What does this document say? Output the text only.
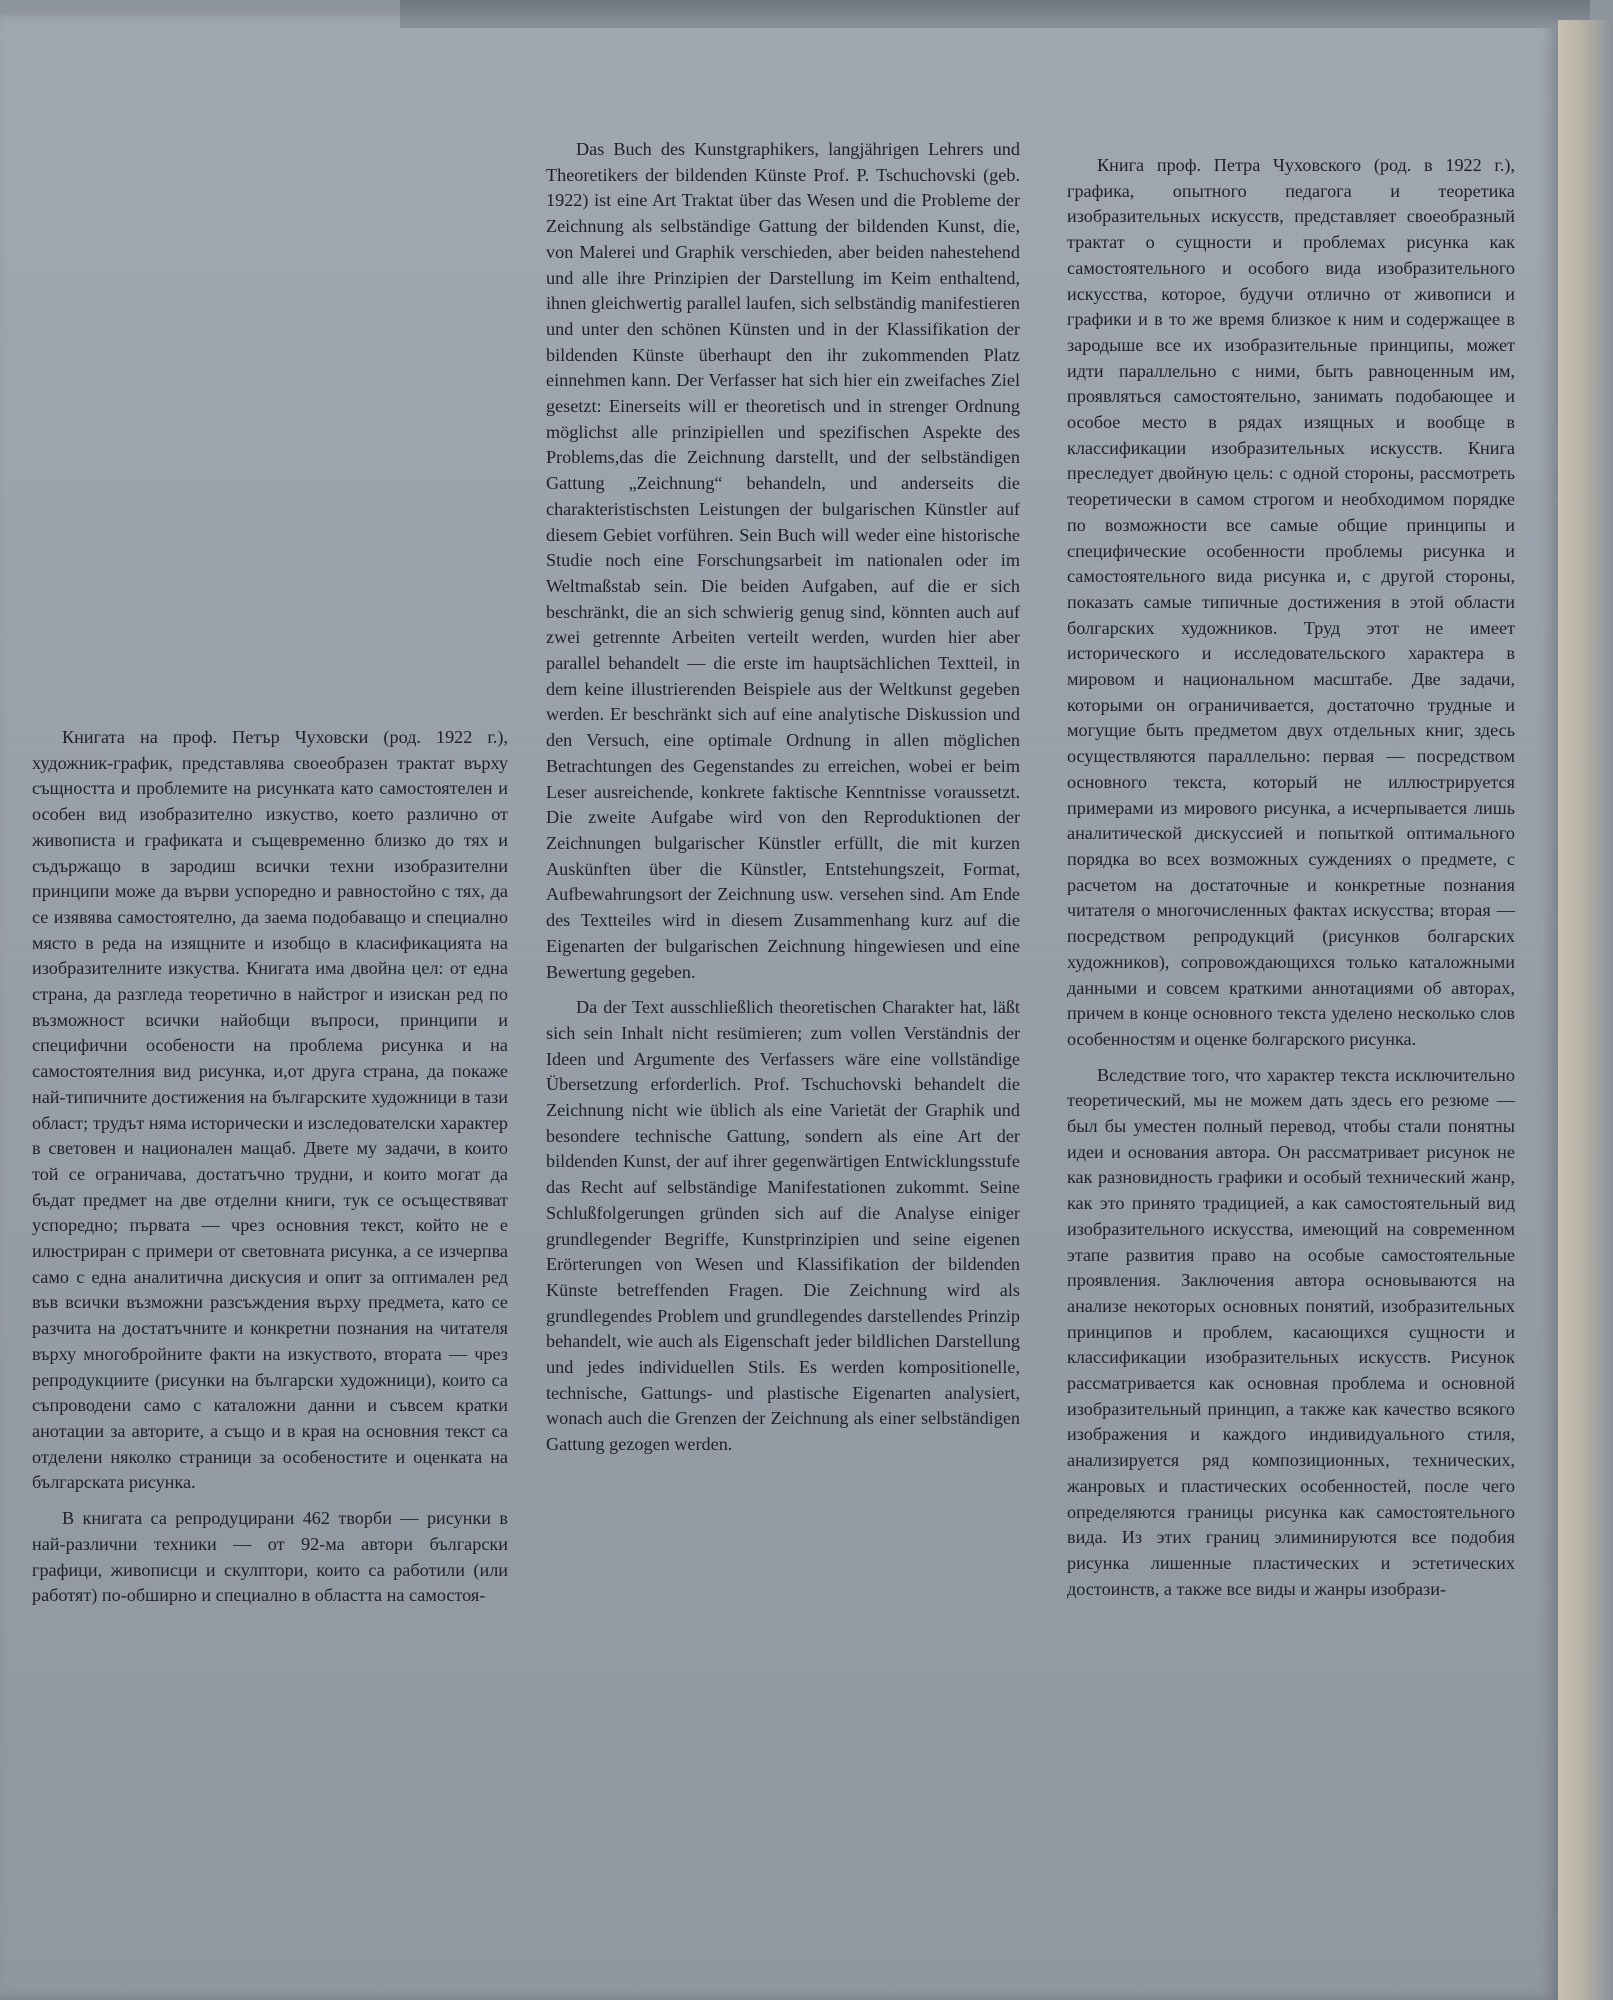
Книгата на проф. Петър Чуховски (род. 1922 г.), художник-график, представлява своеобразен трактат върху същността и проблемите на рисунката като самостоятелен и особен вид изобразително изкуство, което различно от живописта и графиката и същевременно близко до тях и съдържащо в зародиш всички техни изобразителни принципи може да върви успоредно и равностойно с тях, да се изявява самостоятелно, да заема подобаващо и специално място в реда на изящните и изобщо в класификацията на изобразителните изкуства. Книгата има двойна цел: от една страна, да разгледа теоретично в найстрог и изискан ред по възможност всички найобщи въпроси, принципи и специфични особености на проблема рисунка и на самостоятелния вид рисунка, и,от друга страна, да покаже най-типичните достижения на българските художници в тази област; трудът няма исторически и изследователски характер в световен и национален мащаб. Двете му задачи, в които той се ограничава, достатъчно трудни, и които могат да бъдат предмет на две отделни книги, тук се осъществяват успоредно; първата — чрез основния текст, който не е илюстриран с примери от световната рисунка, а се изчерпва само с една аналитична дискусия и опит за оптимален ред във всички възможни разсъждения върху предмета, като се разчита на достатъчните и конкретни познания на читателя върху многобройните факти на изкуството, втората — чрез репродукциите (рисунки на български художници), които са съпроводени само с каталожни данни и съвсем кратки анотации за авторите, а също и в края на основния текст са отделени няколко страници за особеностите и оценката на българската рисунка.

В книгата са репродуцирани 462 творби — рисунки в най-различни техники — от 92-ма автори български графици, живописци и скулптори, които са работили (или работят) по-обширно и специално в областта на самостоя-

Das Buch des Kunstgraphikers, langjährigen Lehrers und Theoretikers der bildenden Künste Prof. P. Tschuchovski (geb. 1922) ist eine Art Traktat über das Wesen und die Probleme der Zeichnung als selbständige Gattung der bildenden Kunst, die, von Malerei und Graphik verschieden, aber beiden nahestehend und alle ihre Prinzipien der Darstellung im Keim enthaltend, ihnen gleichwertig parallel laufen, sich selbständig manifestieren und unter den schönen Künsten und in der Klassifikation der bildenden Künste überhaupt den ihr zukommenden Platz einnehmen kann. Der Verfasser hat sich hier ein zweifaches Ziel gesetzt: Einerseits will er theoretisch und in strenger Ordnung möglichst alle prinzipiellen und spezifischen Aspekte des Problems,das die Zeichnung darstellt, und der selbständigen Gattung „Zeichnung“ behandeln, und anderseits die charakteristischsten Leistungen der bulgarischen Künstler auf diesem Gebiet vorführen. Sein Buch will weder eine historische Studie noch eine Forschungsarbeit im nationalen oder im Weltmaßstab sein. Die beiden Aufgaben, auf die er sich beschränkt, die an sich schwierig genug sind, könnten auch auf zwei getrennte Arbeiten verteilt werden, wurden hier aber parallel behandelt — die erste im hauptsächlichen Textteil, in dem keine illustrierenden Beispiele aus der Weltkunst gegeben werden. Er beschränkt sich auf eine analytische Diskussion und den Versuch, eine optimale Ordnung in allen möglichen Betrachtungen des Gegenstandes zu erreichen, wobei er beim Leser ausreichende, konkrete faktische Kenntnisse voraussetzt. Die zweite Aufgabe wird von den Reproduktionen der Zeichnungen bulgarischer Künstler erfüllt, die mit kurzen Auskünften über die Künstler, Entstehungszeit, Format, Aufbewahrungsort der Zeichnung usw. versehen sind. Am Ende des Textteiles wird in diesem Zusammenhang kurz auf die Eigenarten der bulgarischen Zeichnung hingewiesen und eine Bewertung gegeben.

Da der Text ausschließlich theoretischen Charakter hat, läßt sich sein Inhalt nicht resümieren; zum vollen Verständnis der Ideen und Argumente des Verfassers wäre eine vollständige Übersetzung erforderlich. Prof. Tschuchovski behandelt die Zeichnung nicht wie üblich als eine Varietät der Graphik und besondere technische Gattung, sondern als eine Art der bildenden Kunst, der auf ihrer gegenwärtigen Entwicklungsstufe das Recht auf selbständige Manifestationen zukommt. Seine Schlußfolgerungen gründen sich auf die Analyse einiger grundlegender Begriffe, Kunstprinzipien und seine eigenen Erörterungen von Wesen und Klassifikation der bildenden Künste betreffenden Fragen. Die Zeichnung wird als grundlegendes Problem und grundlegendes darstellendes Prinzip behandelt, wie auch als Eigenschaft jeder bildlichen Darstellung und jedes individuellen Stils. Es werden kompositionelle, technische, Gattungs- und plastische Eigenarten analysiert, wonach auch die Grenzen der Zeichnung als einer selbständigen Gattung gezogen werden.

Книга проф. Петра Чуховского (род. в 1922 г.), графика, опытного педагога и теоретика изобразительных искусств, представляет своеобразный трактат о сущности и проблемах рисунка как самостоятельного и особого вида изобразительного искусства, которое, будучи отлично от живописи и графики и в то же время близкое к ним и содержащее в зародыше все их изобразительные принципы, может идти параллельно с ними, быть равноценным им, проявляться самостоятельно, занимать подобающее и особое место в рядах изящных и вообще в классификации изобразительных искусств. Книга преследует двойную цель: с одной стороны, рассмотреть теоретически в самом строгом и необходимом порядке по возможности все самые общие принципы и специфические особенности проблемы рисунка и самостоятельного вида рисунка и, с другой стороны, показать самые типичные достижения в этой области болгарских художников. Труд этот не имеет исторического и исследовательского характера в мировом и национальном масштабе. Две задачи, которыми он ограничивается, достаточно трудные и могущие быть предметом двух отдельных книг, здесь осуществляются параллельно: первая — посредством основного текста, который не иллюстрируется примерами из мирового рисунка, а исчерпывается лишь аналитической дискуссией и попыткой оптимального порядка во всех возможных суждениях о предмете, с расчетом на достаточные и конкретные познания читателя о многочисленных фактах искусства; вторая — посредством репродукций (рисунков болгарских художников), сопровождающихся только каталожными данными и совсем краткими аннотациями об авторах, причем в конце основного текста уделено несколько слов особенностям и оценке болгарского рисунка.

Вследствие того, что характер текста исключительно теоретический, мы не можем дать здесь его резюме — был бы уместен полный перевод, чтобы стали понятны идеи и основания автора. Он рассматривает рисунок не как разновидность графики и особый технический жанр, как это принято традицией, а как самостоятельный вид изобразительного искусства, имеющий на современном этапе развития право на особые самостоятельные проявления. Заключения автора основываются на анализе некоторых основных понятий, изобразительных принципов и проблем, касающихся сущности и классификации изобразительных искусств. Рисунок рассматривается как основная проблема и основной изобразительный принцип, а также как качество всякого изображения и каждого индивидуального стиля, анализируется ряд композиционных, технических, жанровых и пластических особенностей, после чего определяются границы рисунка как самостоятельного вида. Из этих границ элиминируются все подобия рисунка лишенные пластических и эстетических достоинств, а также все виды и жанры изобрази-
